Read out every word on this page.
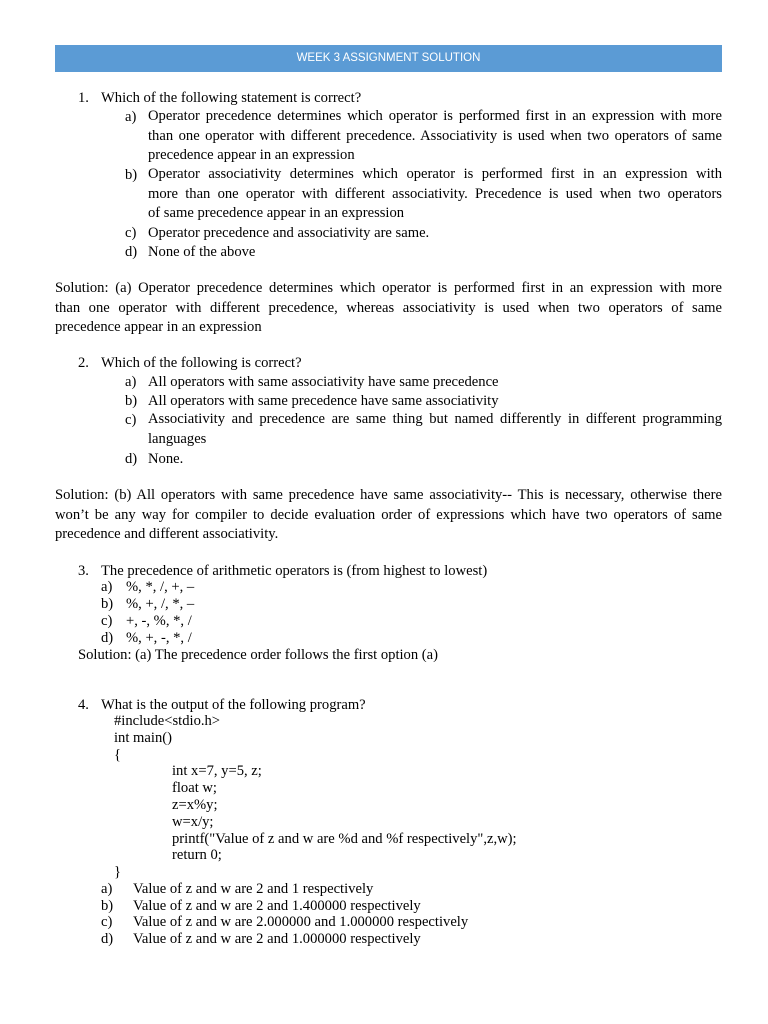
WEEK 3 ASSIGNMENT SOLUTION
1. Which of the following statement is correct?
a) Operator precedence determines which operator is performed first in an expression with more
than one operator with different precedence. Associativity is used when two operators of same
precedence appear in an expression
b) Operator associativity determines which operator is performed first in an expression with
more than one operator with different associativity. Precedence is used when two operators
of same precedence appear in an expression
c) Operator precedence and associativity are same.
d) None of the above
Solution: (a) Operator precedence determines which operator is performed first in an expression with more
than one operator with different precedence, whereas associativity is used when two operators of same
precedence appear in an expression
2. Which of the following is correct?
a) All operators with same associativity have same precedence
b) All operators with same precedence have same associativity
c) Associativity and precedence are same thing but named differently in different programming
languages
d) None.
Solution: (b) All operators with same precedence have same associativity-- This is necessary, otherwise there
won’t be any way for compiler to decide evaluation order of expressions which have two operators of same
precedence and different associativity.
3. The precedence of arithmetic operators is (from highest to lowest)
a) %, *, /, +, –
b) %, +, /, *, –
c) +, -, %, *, /
d) %, +, -, *, /
Solution: (a) The precedence order follows the first option (a)
4. What is the output of the following program?
#include<stdio.h>
int main()
{
int x=7, y=5, z;
float w;
z=x%y;
w=x/y;
printf("Value of z and w are %d and %f respectively",z,w);
return 0;
}
a) Value of z and w are 2 and 1 respectively
b) Value of z and w are 2 and 1.400000 respectively
c) Value of z and w are 2.000000 and 1.000000 respectively
d) Value of z and w are 2 and 1.000000 respectively
